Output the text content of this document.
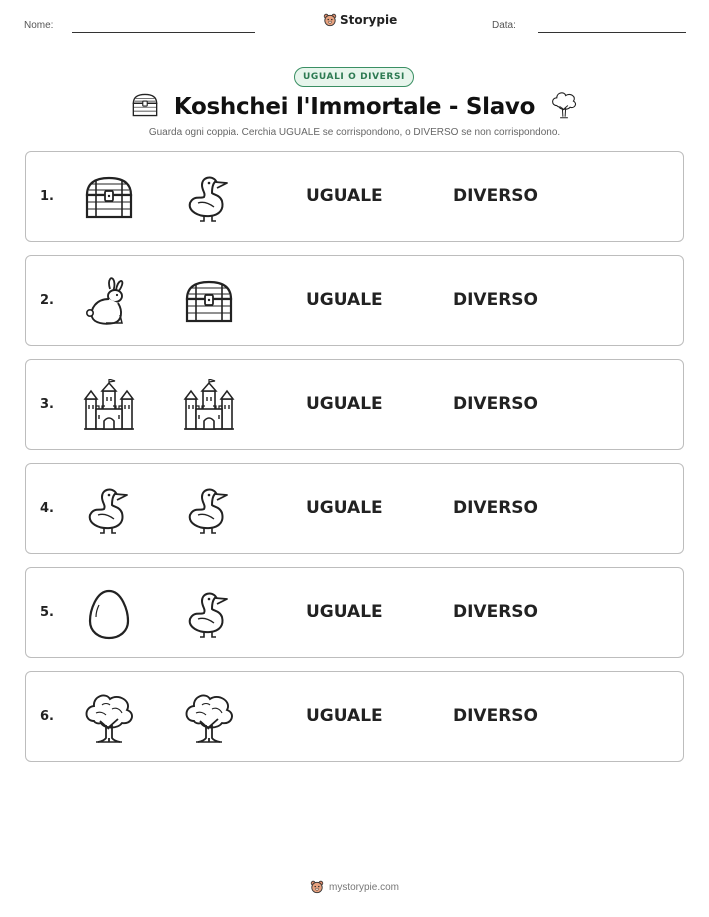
Nome:	Storypie	Data:
UGUALI O DIVERSI
Koshchei l'Immortale - Slavo
Guarda ogni coppia. Cerchia UGUALE se corrispondono, o DIVERSO se non corrispondono.
1.	UGUALE	DIVERSO
2.	UGUALE	DIVERSO
3.	UGUALE	DIVERSO
4.	UGUALE	DIVERSO
5.	UGUALE	DIVERSO
6.	UGUALE	DIVERSO
mystorypie.com
